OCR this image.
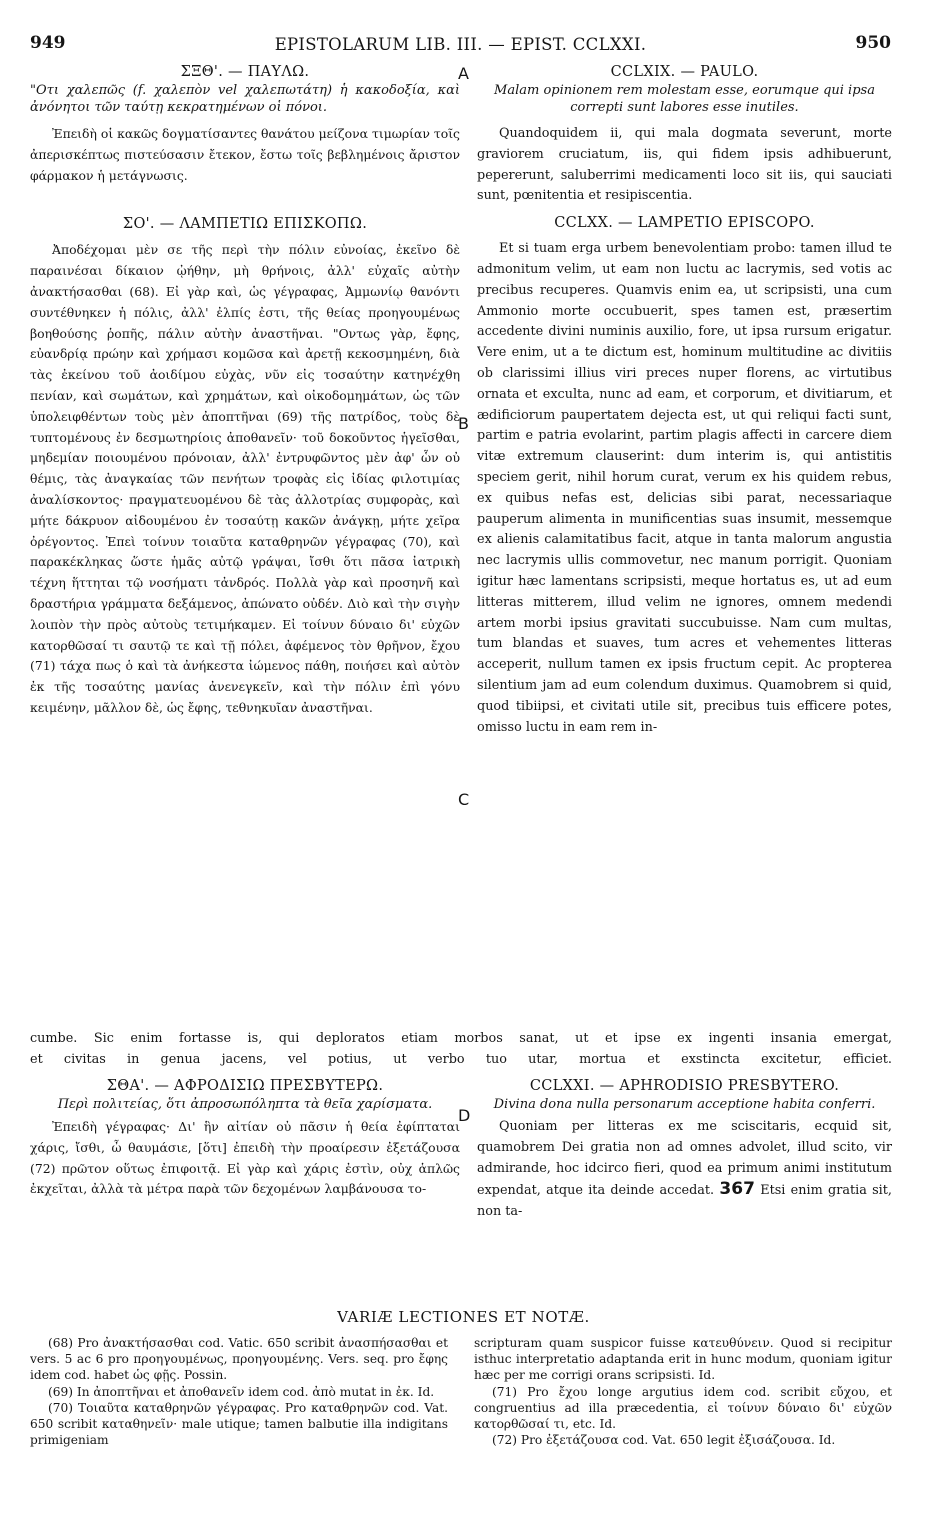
949	EPISTOLARUM LIB. III. — EPIST. CCLXXI.	950
A
B
C
D

ΣΞΘ'. — ΠΑΥΛΩ.

"Οτι χαλεπῶς (f. χαλεπὸν vel χαλεπωτάτη) ἡ κακοδοξία, καὶ ἀνόνητοι τῶν ταύτῃ κεκρατημένων οἱ πόνοι.

Ἐπειδὴ οἱ κακῶς δογματίσαντες θανάτου μείζονα τιμωρίαν τοῖς ἀπερισκέπτως πιστεύσασιν ἔτεκον, ἔστω τοῖς βεβλημένοις ἄριστον φάρμακον ἡ μετάγνωσις.

ΣΟ'. — ΛΑΜΠΕΤΙΩ ΕΠΙΣΚΟΠΩ.

Ἀποδέχομαι μὲν σε τῆς περὶ τὴν πόλιν εὐνοίας, ἐκεῖνο δὲ παραινέσαι δίκαιον ᾠήθην, μὴ θρήνοις, ἀλλ' εὐχαῖς αὐτὴν ἀνακτήσασθαι (68). Εἰ γὰρ καὶ, ὡς γέγραφας, Ἀμμωνίῳ θανόντι συντέθνηκεν ἡ πόλις, ἀλλ' ἐλπίς ἐστι, τῆς θείας προηγουμένως βοηθούσης ῥοπῆς, πάλιν αὐτὴν ἀναστῆναι. "Οντως γὰρ, ἔφης, εὐανδρίᾳ πρώην καὶ χρήμασι κομῶσα καὶ ἀρετῇ κεκοσμημένη, διὰ τὰς ἐκείνου τοῦ ἀοιδίμου εὐχὰς, νῦν εἰς τοσαύτην κατηνέχθη πενίαν, καὶ σωμάτων, καὶ χρημάτων, καὶ οἰκοδομημάτων, ὡς τῶν ὑπολειφθέντων τοὺς μὲν ἀποπτῆναι (69) τῆς πατρίδος, τοὺς δὲ τυπτομένους ἐν δεσμωτηρίοις ἀποθανεῖν· τοῦ δοκοῦντος ἡγεῖσθαι, μηδεμίαν ποιουμένου πρόνοιαν, ἀλλ' ἐντρυφῶντος μὲν ἀφ' ὧν οὐ θέμις, τὰς ἀναγκαίας τῶν πενήτων τροφὰς εἰς ἰδίας φιλοτιμίας ἀναλίσκοντος· πραγματευομένου δὲ τὰς ἀλλοτρίας συμφορὰς, καὶ μήτε δάκρυον αἰδουμένου ἐν τοσαύτῃ κακῶν ἀνάγκῃ, μήτε χεῖρα ὀρέγοντος. Ἐπεὶ τοίνυν τοιαῦτα καταθρηνῶν γέγραφας (70), καὶ παρακέκληκας ὥστε ἡμᾶς αὐτῷ γράψαι, ἴσθι ὅτι πᾶσα ἰατρικὴ τέχνη ἥττηται τῷ νοσήματι τἀνδρός. Πολλὰ γὰρ καὶ προσηνῆ καὶ δραστήρια γράμματα δεξάμενος, ἀπώνατο οὐδέν. Διὸ καὶ τὴν σιγὴν λοιπὸν τὴν πρὸς αὐτοὺς τετιμήκαμεν. Εἰ τοίνυν δύναιο δι' εὐχῶν κατορθῶσαί τι σαυτῷ τε καὶ τῇ πόλει, ἀφέμενος τὸν θρῆνον, ἔχου (71) τάχα πως ὁ καὶ τὰ ἀνήκεστα ἰώμενος πάθη, ποιήσει καὶ αὐτὸν ἐκ τῆς τοσαύτης μανίας ἀνενεγκεῖν, καὶ τὴν πόλιν ἐπὶ γόνυ κειμένην, μᾶλλον δὲ, ὡς ἔφης, τεθνηκυῖαν ἀναστῆναι.

CCLXIX. — PAULO.

Malam opinionem rem molestam esse, eorumque qui ipsa correpti sunt labores esse inutiles.

Quandoquidem ii, qui mala dogmata severunt, morte graviorem cruciatum, iis, qui fidem ipsis adhibuerunt, pepererunt, saluberrimi medicamenti loco sit iis, qui sauciati sunt, pœnitentia et resipiscentia.

CCLXX. — LAMPETIO EPISCOPO.

Et si tuam erga urbem benevolentiam probo: tamen illud te admonitum velim, ut eam non luctu ac lacrymis, sed votis ac precibus recuperes. Quamvis enim ea, ut scripsisti, una cum Ammonio morte occubuerit, spes tamen est, præsertim accedente divini numinis auxilio, fore, ut ipsa rursum erigatur. Vere enim, ut a te dictum est, hominum multitudine ac divitiis ob clarissimi illius viri preces nuper florens, ac virtutibus ornata et exculta, nunc ad eam, et corporum, et divitiarum, et ædificiorum paupertatem dejecta est, ut qui reliqui facti sunt, partim e patria evolarint, partim plagis affecti in carcere diem vitæ extremum clauserint: dum interim is, qui antistitis speciem gerit, nihil horum curat, verum ex his quidem rebus, ex quibus nefas est, delicias sibi parat, necessariaque pauperum alimenta in munificentias suas insumit, messemque ex alienis calamitatibus facit, atque in tanta malorum angustia nec lacrymis ullis commovetur, nec manum porrigit. Quoniam igitur hæc lamentans scripsisti, meque hortatus es, ut ad eum litteras mitterem, illud velim ne ignores, omnem medendi artem morbi ipsius gravitati succubuisse. Nam cum multas, tum blandas et suaves, tum acres et vehementes litteras acceperit, nullum tamen ex ipsis fructum cepit. Ac propterea silentium jam ad eum colendum duximus. Quamobrem si quid, quod tibiipsi, et civitati utile sit, precibus tuis efficere potes, omisso luctu in eam rem in-

cumbe. Sic enim fortasse is, qui deploratos etiam morbos sanat, ut et ipse ex ingenti insania emergat,
et civitas in genua jacens, vel potius, ut verbo tuo utar, mortua et exstincta excitetur, efficiet.

ΣΘΑ'. — ΑΦΡΟΔΙΣΙΩ ΠΡΕΣΒΥΤΕΡΩ.

Περὶ πολιτείας, ὅτι ἀπροσωπόληπτα τὰ θεῖα χαρίσματα.

Ἐπειδὴ γέγραφας· Δι' ἣν αἰτίαν οὐ πᾶσιν ἡ θεία ἐφίπταται χάρις, ἴσθι, ὦ θαυμάσιε, [ὅτι] ἐπειδὴ τὴν προαίρεσιν ἐξετάζουσα (72) πρῶτον οὕτως ἐπιφοιτᾷ. Εἰ γὰρ καὶ χάρις ἐστὶν, οὐχ ἁπλῶς ἐκχεῖται, ἀλλὰ τὰ μέτρα παρὰ τῶν δεχομένων λαμβάνουσα το-

CCLXXI. — APHRODISIO PRESBYTERO.

Divina dona nulla personarum acceptione habita conferri.

Quoniam per litteras ex me sciscitaris, ecquid sit, quamobrem Dei gratia non ad omnes advolet, illud scito, vir admirande, hoc idcirco fieri, quod ea primum animi institutum expendat, atque ita deinde accedat. 367 Etsi enim gratia sit, non ta-

VARIÆ LECTIONES ET NOTÆ.

(68) Pro ἀνακτήσασθαι cod. Vatic. 650 scribit ἀνασπήσασθαι et vers. 5 ac 6 pro προηγουμένως, προηγουμένης. Vers. seq. pro ἔφης idem cod. habet ὡς φῇς. Possin.

(69) In ἀποπτῆναι et ἀποθανεῖν idem cod. ἀπὸ mutat in ἐκ. Id.

(70) Τοιαῦτα καταθρηνῶν γέγραφας. Pro καταθρηνῶν cod. Vat. 650 scribit καταθηνεῖν· male utique; tamen balbutie illa indigitans primigeniam

scripturam quam suspicor fuisse κατευθύνειν. Quod si recipitur isthuc interpretatio adaptanda erit in hunc modum, quoniam igitur hæc per me corrigi orans scripsisti. Id.

(71) Pro ἔχου longe argutius idem cod. scribit εὔχου, et congruentius ad illa præcedentia, εἰ τοίνυν δύναιο δι' εὐχῶν κατορθῶσαί τι, etc. Id.

(72) Pro ἐξετάζουσα cod. Vat. 650 legit ἐξισάζουσα. Id.
